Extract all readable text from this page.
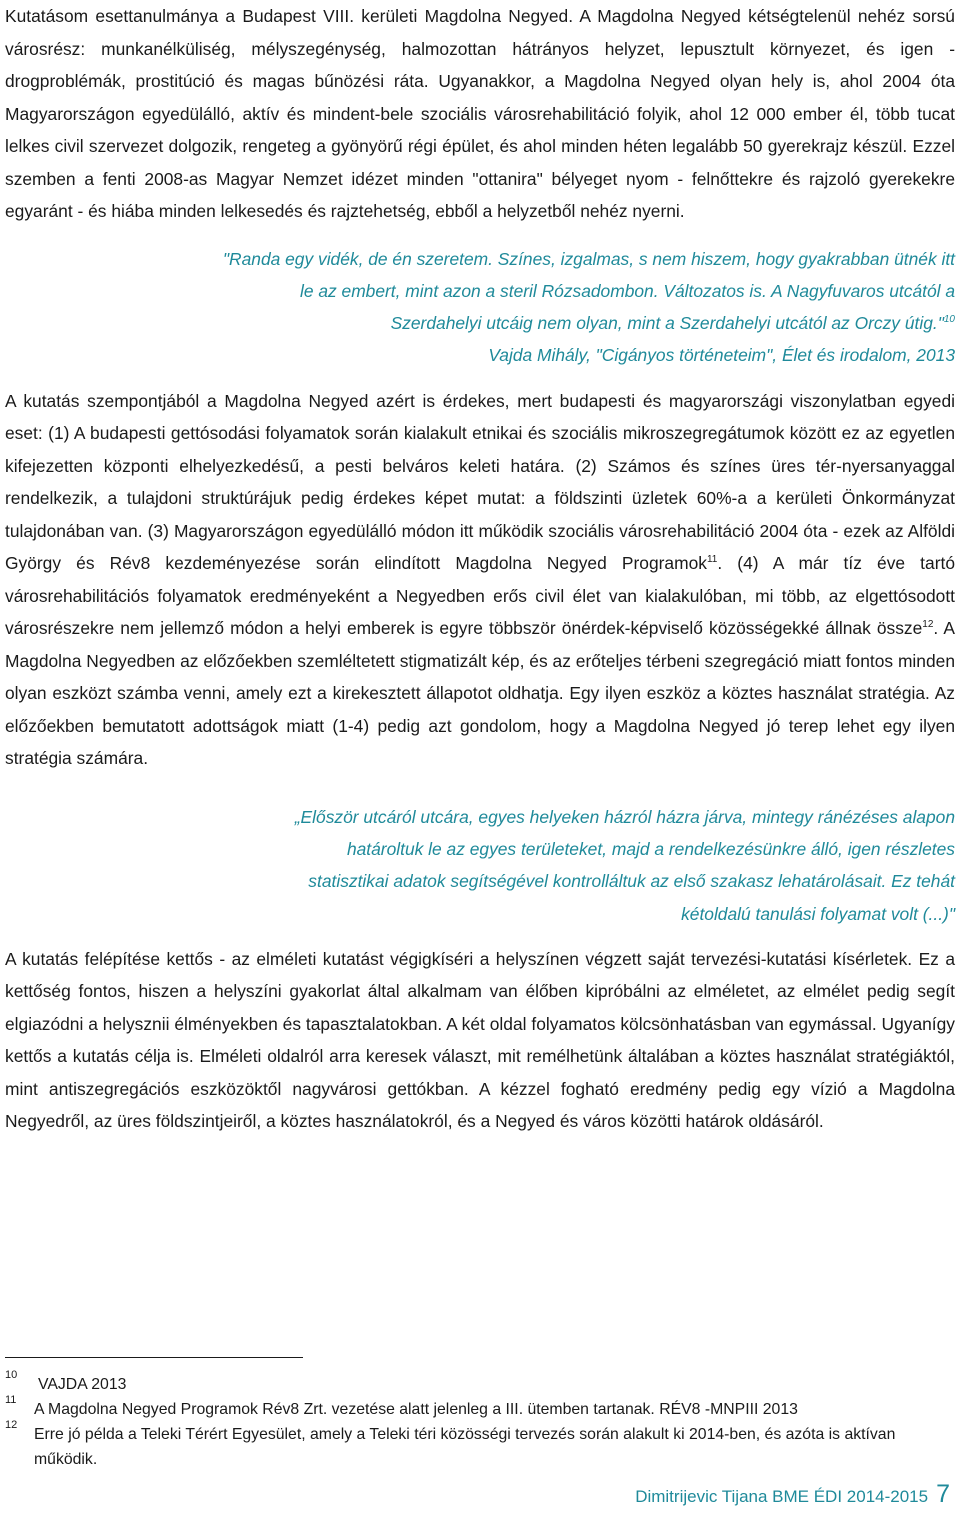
Kutatásom esettanulmánya a Budapest VIII. kerületi Magdolna Negyed. A Magdolna Negyed kétségtelenül nehéz sorsú városrész: munkanélküliség, mélyszegénység, halmozottan hátrányos helyzet, lepusztult környezet, és igen - drogproblémák, prostitúció és magas bűnözési ráta. Ugyanakkor, a Magdolna Negyed olyan hely is, ahol 2004 óta Magyarországon egyedülálló, aktív és mindent-bele szociális városrehabilitáció folyik, ahol 12 000 ember él, több tucat lelkes civil szervezet dolgozik, rengeteg a gyönyörű régi épület, és ahol minden héten legalább 50 gyerekrajz készül. Ezzel szemben a fenti 2008-as Magyar Nemzet idézet minden "ottanira" bélyeget nyom - felnőttekre és rajzoló gyerekekre egyaránt - és hiába minden lelkesedés és rajztehetség, ebből a helyzetből nehéz nyerni.

"Randa egy vidék, de én szeretem. Színes, izgalmas, s nem hiszem, hogy gyakrabban ütnék itt
le az embert, mint azon a steril Rózsadombon. Változatos is. A Nagyfuvaros utcától a
Szerdahelyi utcáig nem olyan, mint a Szerdahelyi utcától az Orczy útig."$^{10}$
Vajda Mihály, "Cigányos történeteim", Élet és irodalom, 2013

A kutatás szempontjából a Magdolna Negyed azért is érdekes, mert budapesti és magyarországi viszonylatban egyedi eset: (1) A budapesti gettósodási folyamatok során kialakult etnikai és szociális mikroszegregátumok között ez az egyetlen kifejezetten központi elhelyezkedésű, a pesti belváros keleti határa. (2) Számos és színes üres tér-nyersanyaggal rendelkezik, a tulajdoni struktúrájuk pedig érdekes képet mutat: a földszinti üzletek 60%-a a kerületi Önkormányzat tulajdonában van. (3) Magyarországon egyedülálló módon itt működik szociális városrehabilitáció 2004 óta - ezek az Alföldi György és Rév8 kezdeményezése során elindított Magdolna Negyed Programok$^{11}$. (4) A már tíz éve tartó városrehabilitációs folyamatok eredményeként a Negyedben erős civil élet van kialakulóban, mi több, az elgettósodott városrészekre nem jellemző módon a helyi emberek is egyre többször önérdek-képviselő közösségekké állnak össze$^{12}$. A Magdolna Negyedben az előzőekben szemléltetett stigmatizált kép, és az erőteljes térbeni szegregáció miatt fontos minden olyan eszközt számba venni, amely ezt a kirekesztett állapotot oldhatja. Egy ilyen eszköz a köztes használat stratégia. Az előzőekben bemutatott adottságok miatt (1-4) pedig azt gondolom, hogy a Magdolna Negyed jó terep lehet egy ilyen stratégia számára.

„Először utcáról utcára, egyes helyeken házról házra járva, mintegy ránézéses alapon
határoltuk le az egyes területeket, majd a rendelkezésünkre álló, igen részletes
statisztikai adatok segítségével kontrolláltuk az első szakasz lehatárolásait. Ez tehát
kétoldalú tanulási folyamat volt (...)"

A kutatás felépítése kettős - az elméleti kutatást végigkíséri a helyszínen végzett saját tervezési-kutatási kísérletek. Ez a kettőség fontos, hiszen a helyszíni gyakorlat által alkalmam van élőben kipróbálni az elméletet, az elmélet pedig segít elgiazódni a helysznii élményekben és tapasztalatokban. A két oldal folyamatos kölcsönhatásban van egymással. Ugyanígy kettős a kutatás célja is. Elméleti oldalról arra keresek választ, mit remélhetünk általában a köztes használat stratégiáktól, mint antiszegregációs eszközöktől nagyvárosi gettókban. A kézzel fogható eredmény pedig egy vízió a Magdolna Negyedről, az üres földszintjeiről, a köztes használatokról, és a Negyed és város közötti határok oldásáról.

10
VAJDA 2013
11
A Magdolna Negyed Programok Rév8 Zrt. vezetése alatt jelenleg a III. ütemben tartanak. RÉV8 -MNPIII 2013
12
Erre jó példa a Teleki Térért Egyesület, amely a Teleki téri közösségi tervezés során alakult ki 2014-ben, és azóta is aktívan működik.
Dimitrijevic Tijana BME ÉDI 2014-2015 7
